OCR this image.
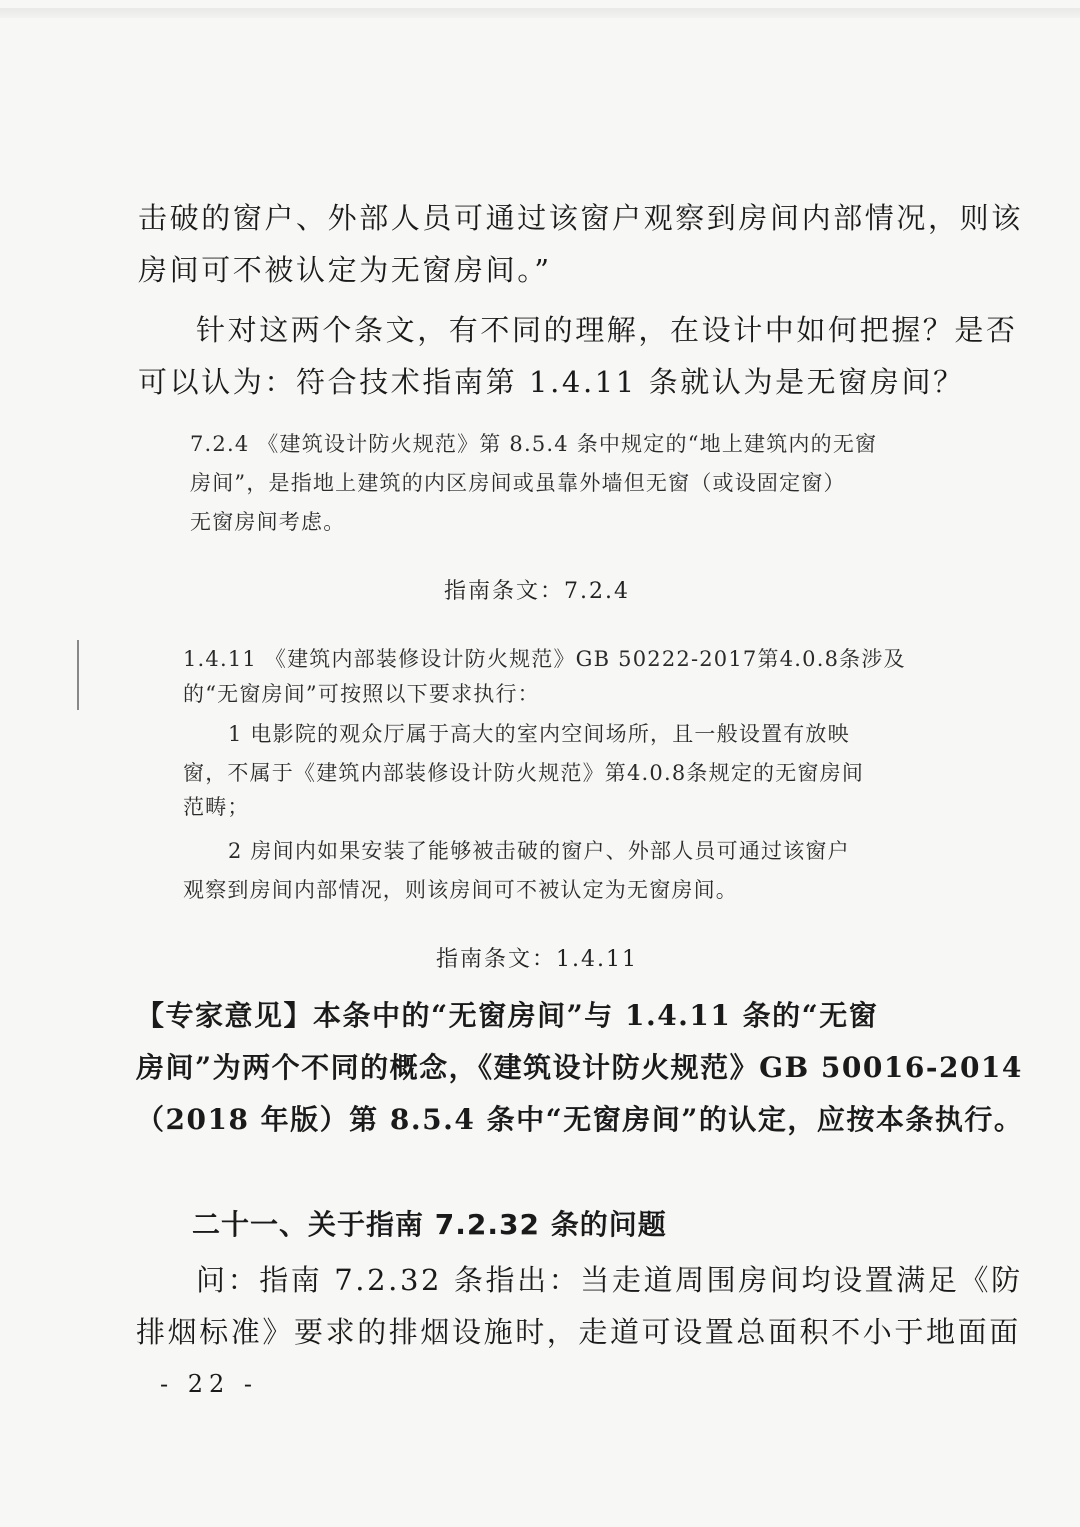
击破的窗户、外部人员可通过该窗户观察到房间内部情况，则该
房间可不被认定为无窗房间。”
针对这两个条文，有不同的理解，在设计中如何把握？是否
可以认为：符合技术指南第 1.4.11 条就认为是无窗房间？
7.2.4 《建筑设计防火规范》第 8.5.4 条中规定的“地上建筑内的无窗
房间”，是指地上建筑的内区房间或虽靠外墙但无窗（或设固定窗）
无窗房间考虑。
指南条文：7.2.4
1.4.11 《建筑内部装修设计防火规范》GB 50222-2017第4.0.8条涉及
的“无窗房间”可按照以下要求执行：
1 电影院的观众厅属于高大的室内空间场所，且一般设置有放映
窗，不属于《建筑内部装修设计防火规范》第4.0.8条规定的无窗房间
范畴；
2 房间内如果安装了能够被击破的窗户、外部人员可通过该窗户
观察到房间内部情况，则该房间可不被认定为无窗房间。
指南条文：1.4.11
【专家意见】本条中的“无窗房间”与 1.4.11 条的“无窗
房间”为两个不同的概念，《建筑设计防火规范》GB 50016-2014
（2018 年版）第 8.5.4 条中“无窗房间”的认定，应按本条执行。
二十一、关于指南 7.2.32 条的问题
问：指南 7.2.32 条指出：当走道周围房间均设置满足《防
排烟标准》要求的排烟设施时，走道可设置总面积不小于地面面
- 22 -
